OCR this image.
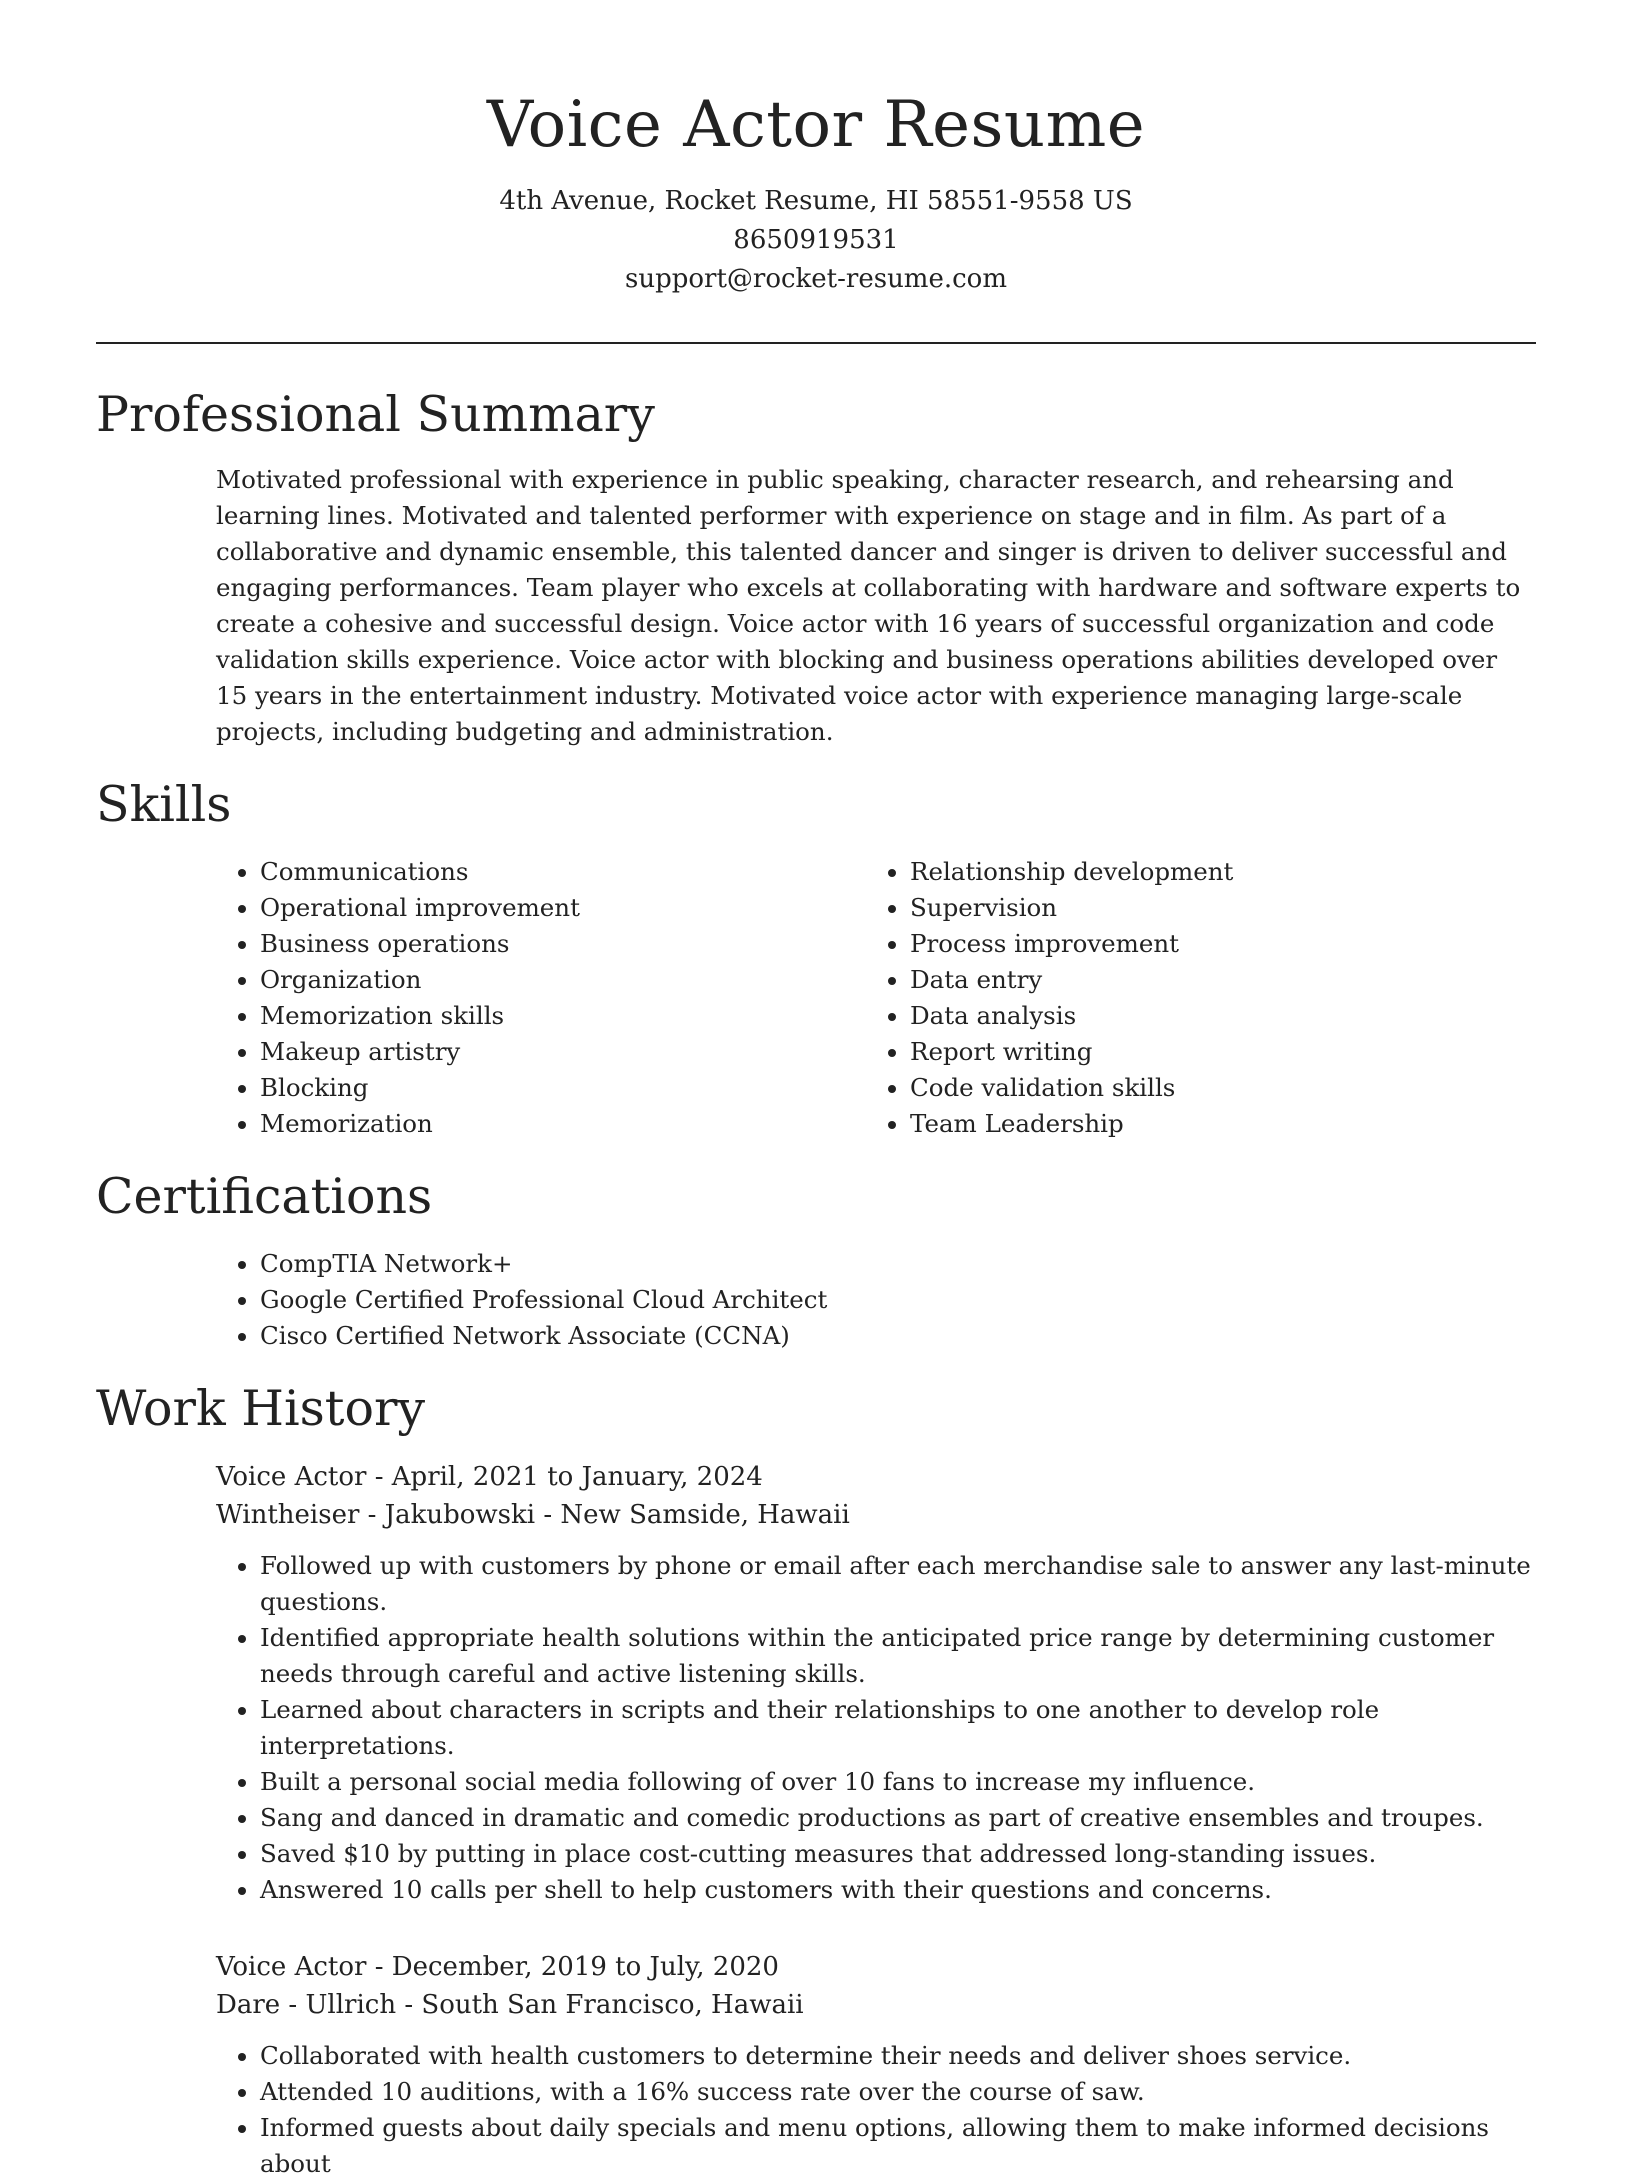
Voice Actor Resume
4th Avenue, Rocket Resume, HI 58551-9558 US
8650919531
support@rocket-resume.com
Professional Summary

Motivated professional with experience in public speaking, character research, and rehearsing and learning lines. Motivated and talented performer with experience on stage and in film. As part of a collaborative and dynamic ensemble, this talented dancer and singer is driven to deliver successful and engaging performances. Team player who excels at collaborating with hardware and software experts to create a cohesive and successful design. Voice actor with 16 years of successful organization and code validation skills experience. Voice actor with blocking and business operations abilities developed over 15 years in the entertainment industry. Motivated voice actor with experience managing large-scale projects, including budgeting and administration.

Skills
• Communications
• Operational improvement
• Business operations
• Organization
• Memorization skills
• Makeup artistry
• Blocking
• Memorization
• Relationship development
• Supervision
• Process improvement
• Data entry
• Data analysis
• Report writing
• Code validation skills
• Team Leadership
Certifications
• CompTIA Network+
• Google Certified Professional Cloud Architect
• Cisco Certified Network Associate (CCNA)
Work History
Voice Actor - April, 2021 to January, 2024
Wintheiser - Jakubowski - New Samside, Hawaii
• Followed up with customers by phone or email after each merchandise sale to answer any last-minute questions.
• Identified appropriate health solutions within the anticipated price range by determining customer needs through careful and active listening skills.
• Learned about characters in scripts and their relationships to one another to develop role interpretations.
• Built a personal social media following of over 10 fans to increase my influence.
• Sang and danced in dramatic and comedic productions as part of creative ensembles and troupes.
• Saved $10 by putting in place cost-cutting measures that addressed long-standing issues.
• Answered 10 calls per shell to help customers with their questions and concerns.
Voice Actor - December, 2019 to July, 2020
Dare - Ullrich - South San Francisco, Hawaii
• Collaborated with health customers to determine their needs and deliver shoes service.
• Attended 10 auditions, with a 16% success rate over the course of saw.
• Informed guests about daily specials and menu options, allowing them to make informed decisions about
